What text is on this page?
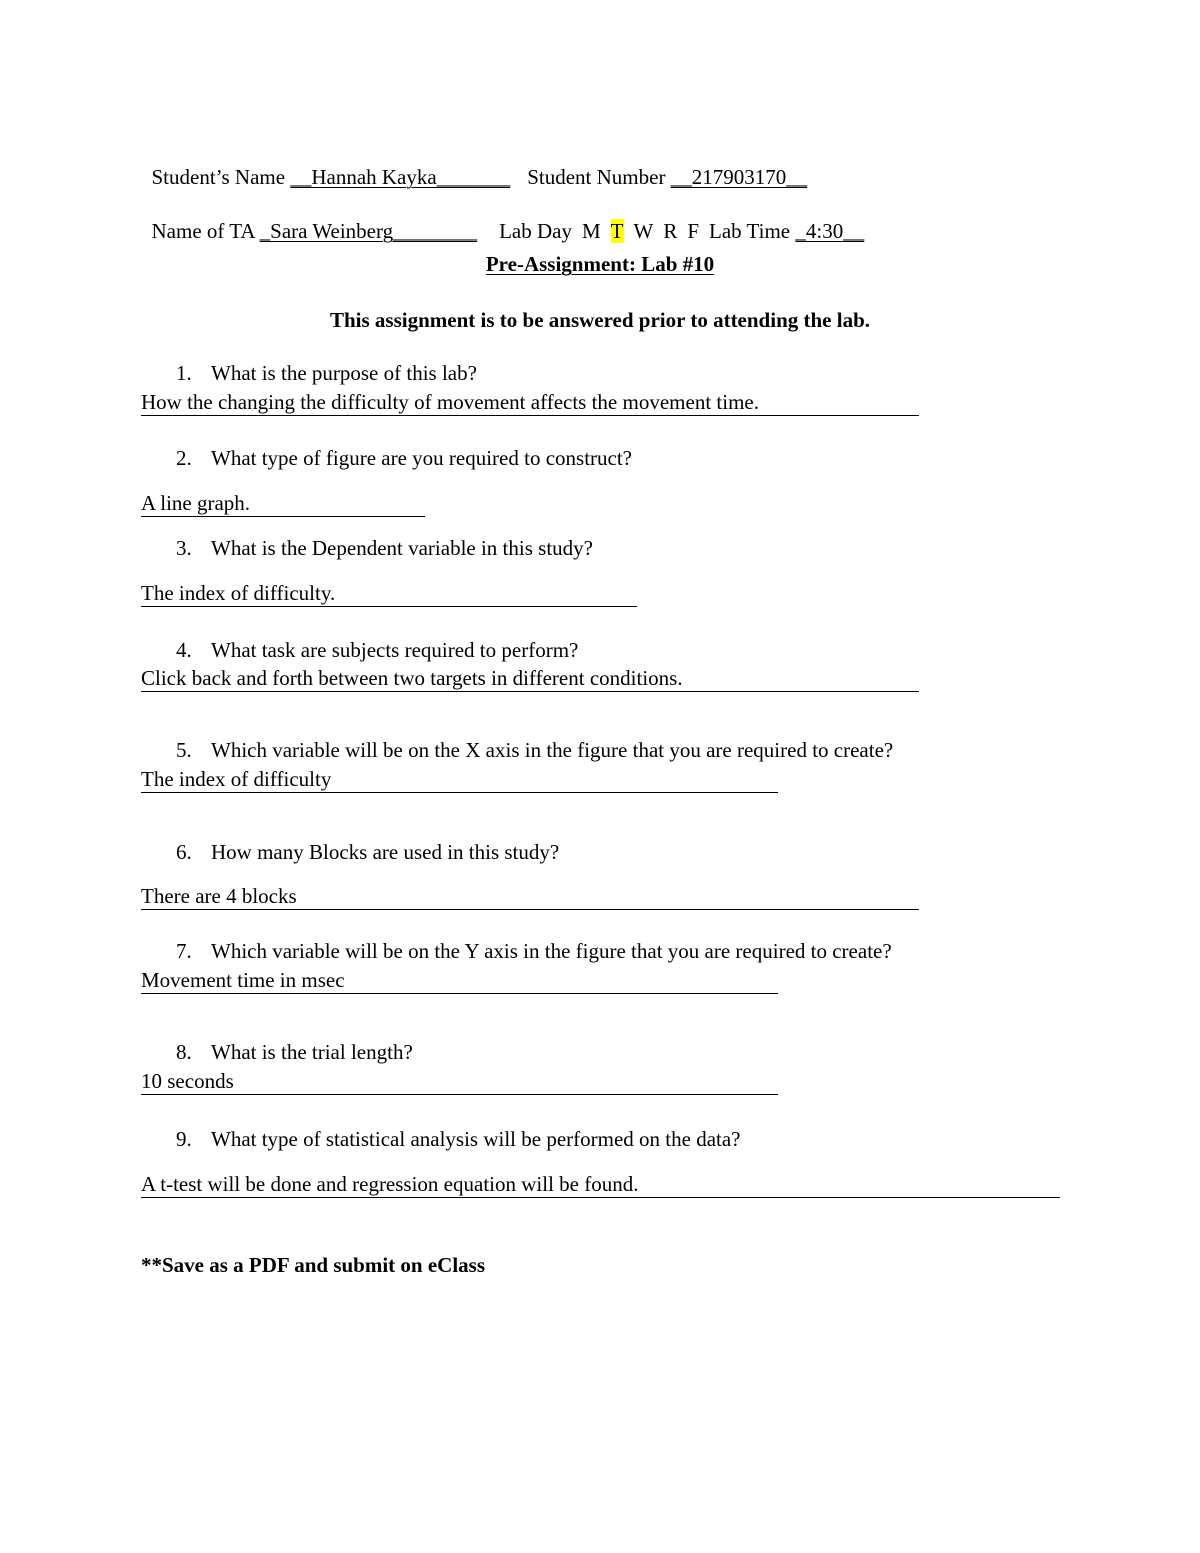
Student’s Name __Hannah Kayka_______ Student Number __217903170__

Name of TA _Sara Weinberg________ Lab Day M T W R F Lab Time _4:30__

Pre-Assignment: Lab #10
This assignment is to be answered prior to attending the lab.
1. What is the purpose of this lab?
How the changing the difficulty of movement affects the movement time.
2. What type of figure are you required to construct?
A line graph.
3. What is the Dependent variable in this study?
The index of difficulty.
4. What task are subjects required to perform?
Click back and forth between two targets in different conditions.
5. Which variable will be on the X axis in the figure that you are required to create?
The index of difficulty
6. How many Blocks are used in this study?
There are 4 blocks
7. Which variable will be on the Y axis in the figure that you are required to create?
Movement time in msec
8. What is the trial length?
10 seconds
9. What type of statistical analysis will be performed on the data?
A t-test will be done and regression equation will be found.
**Save as a PDF and submit on eClass
